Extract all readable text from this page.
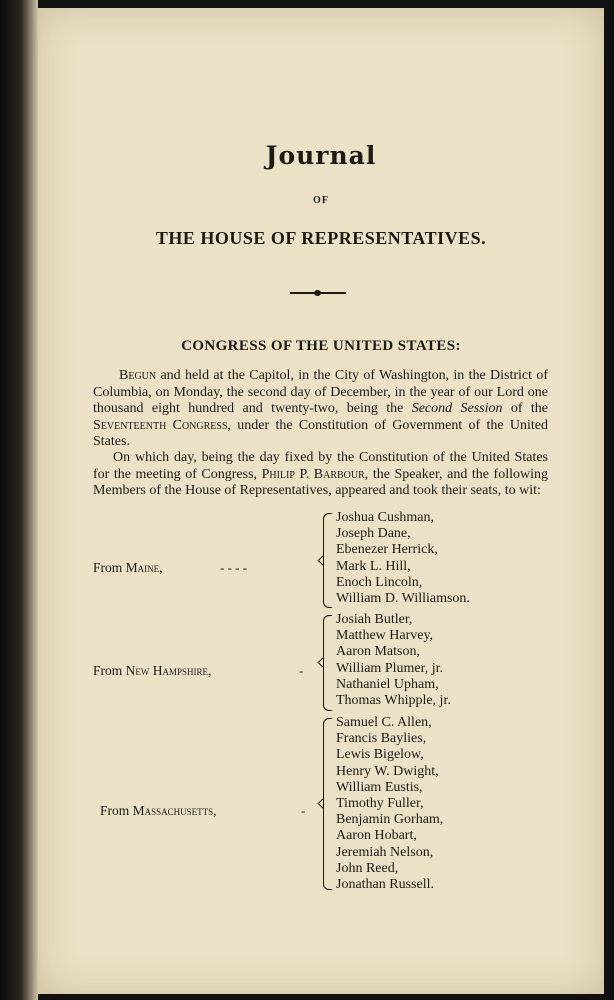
Journal
OF
THE HOUSE OF REPRESENTATIVES.
CONGRESS OF THE UNITED STATES:
Begun and held at the Capitol, in the City of Washington, in the District of Columbia, on Monday, the second day of December, in the year of our Lord one thousand eight hundred and twenty-two, being the Second Session of the Seventeenth Congress, under the Constitution of Government of the United States.
On which day, being the day fixed by the Constitution of the United States for the meeting of Congress, Philip P. Barbour, the Speaker, and the following Members of the House of Representatives, appeared and took their seats, to wit:
From Maine,	- - - -
Joshua Cushman,
Joseph Dane,
Ebenezer Herrick,
Mark L. Hill,
Enoch Lincoln,
William D. Williamson.
From New Hampshire,	-
Josiah Butler,
Matthew Harvey,
Aaron Matson,
William Plumer, jr.
Nathaniel Upham,
Thomas Whipple, jr.
From Massachusetts,	-
Samuel C. Allen,
Francis Baylies,
Lewis Bigelow,
Henry W. Dwight,
William Eustis,
Timothy Fuller,
Benjamin Gorham,
Aaron Hobart,
Jeremiah Nelson,
John Reed,
Jonathan Russell.
